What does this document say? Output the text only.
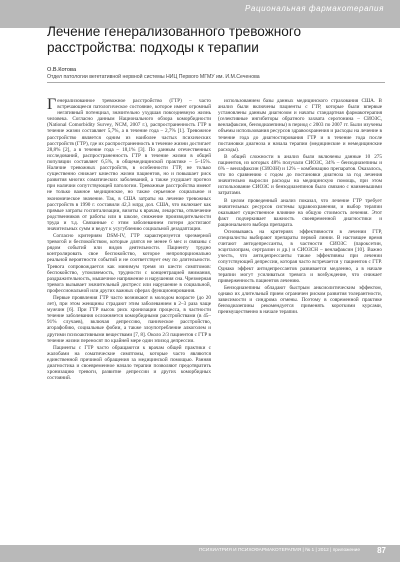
Рациональная фармакотерапия
Лечение генерализованного тревожного расстройства: подходы к терапии
О.В.Котова
Отдел патологии вегетативной нервной системы НИЦ Первого МГМУ им. И.М.Сеченова

Генерализованное тревожное расстройство (ГТР) – часто встречающееся патологическое состояние, которое имеет огромный негативный потенциал, значительно ухудшая повседневную жизнь человека. Согласно данным Национального обзора коморбидности (National Comorbidity Survey, NCM, 2007 г.), распространенность ГТР в течение жизни составляет 5,7%, а в течение года – 2,7% [1]. Тревожное расстройство является одним из наиболее частых психических расстройств (ГТР), где их распространенность в течение жизни достигает 28,8% [2], а в течение года – 18,1% [3]. По данным отечественных исследований, распространенность ГТР в течение жизни в общей популяции составляет 6,5%, в общемедицинской практике – 5–15%. Наличие тревожных расстройств, в особенности ГТР, не только существенно снижает качество жизни пациентов, но и повышает риск развития многих соматических заболеваний, а также ухудшает прогноз при наличии сопутствующей патологии. Тревожные расстройства имеют не только важное медицинское, но также серьезное социальное и экономическое значение. Так, в США затраты на лечение тревожных расстройств в 1990 г. составили 42,3 млрд дол. США, что включает как прямые затраты госпитализации, визиты к врачам, лекарства, отвлечение родственников от работы или в школе, снижение производительности труда и т.д. Связанные с этим заболеванием потери достигают значительных сумм и ведут к усугублению социальной дезадаптации.

Согласно критериям DSM-IV, ГТР характеризуется чрезмерной тревогой и беспокойством, которые длятся не менее 6 мес и связаны с рядом событий или видов деятельности. Пациенту трудно контролировать свое беспокойство, которое непропорционально реальной вероятности событий и не соответствует ему по длительности. Тревога сопровождается как минимум тремя из шести симптомов: беспокойство, утомляемость, трудности с концентрацией внимания, раздражительность, мышечное напряжение и нарушения сна. Чрезмерная тревога вызывает значительный дистресс или нарушение в социальной, профессиональной или других важных сферах функционирования.

Первые проявления ГТР часто возникают в молодом возрасте (до 20 лет), при этом женщины страдают этим заболеванием в 2–3 раза чаще мужчин [6]. При ГТР высок риск хронизации процесса, в частности течение заболевания осложняется коморбидными расстройствами (в 45–91% случаев), включая депрессию, паническое расстройство, агорафобию, социальные фобии, а также злоупотребление алкоголем и другими психоактивными веществами [7, 8]. Около 2/3 пациентов с ГТР в течение жизни переносят по крайней мере один эпизод депрессии.

Пациенты с ГТР часто обращаются к врачам общей практики с жалобами на соматические симптомы, которые часто являются единственной причиной обращения за медицинской помощью. Ранняя диагностика и своевременное начало терапии позволяют предотвратить хронизацию тревоги, развитие депрессии и других коморбидных состояний.

использованием базы данных медицинского страхования США. В анализ были включены пациенты с ГТР, которые были впервые установлены данным диагнозом и начаты стандартная фармакотерапия (селективные ингибиторы обратного захвата серотонина – СИОЗС, венлафаксин, бензодиазепины) в период с 2003 по 2007 гг. Были изучены объемы использования ресурсов здравоохранения и расходы на лечение в течение года до диагностирования ГТР и в течение года после постановки диагноза и начала терапии (медицинские и немедицинские расходы).

В общей сложности в анализ были включены данные 10 275 пациентов, из которых 48% получали СИОЗС, 34% – бензодиазепины и 6% – венлафаксин (СИОЗН) и 12% – комбинацию препаратов. Оказалось, что по сравнению с годом до постановки диагноза за год лечения значительно выросли расходы на медицинскую помощь, при этом использование СИОЗС и бензодиазепинов было связано с наименьшими затратами.

В целом проведенный анализ показал, что лечение ГТР требует значительных ресурсов системы здравоохранения, и выбор терапии оказывает существенное влияние на общую стоимость лечения. Этот факт подчеркивает важность своевременной диагностики и рационального выбора препарата.

Основываясь на критериях эффективности в лечении ГТР, специалисты выбирают препараты первой линии. В настоящее время считают антидепрессанты, в частности СИОЗС (пароксетин, эсциталопрам, сертралин и др.) и СИОЗСН – венлафаксин [10]. Важно учесть, что антидепрессанты также эффективны при лечении сопутствующей депрессии, которая часто встречается у пациентов с ГТР. Однако эффект антидепрессантов развивается медленно, а в начале терапии могут усиливаться тревога и возбуждение, что снижает приверженность пациентов лечению.

Бензодиазепины обладают быстрым анксиолитическим эффектом, однако их длительный прием ограничен риском развития толерантности, зависимости и синдрома отмены. Поэтому в современной практике бензодиазепины рекомендуется применять короткими курсами, преимущественно в начале терапии.

ПСИХИАТРИЯ И ПСИХОФАРМАКОТЕРАПИЯ | № 1 | 2012 | приложение 87
